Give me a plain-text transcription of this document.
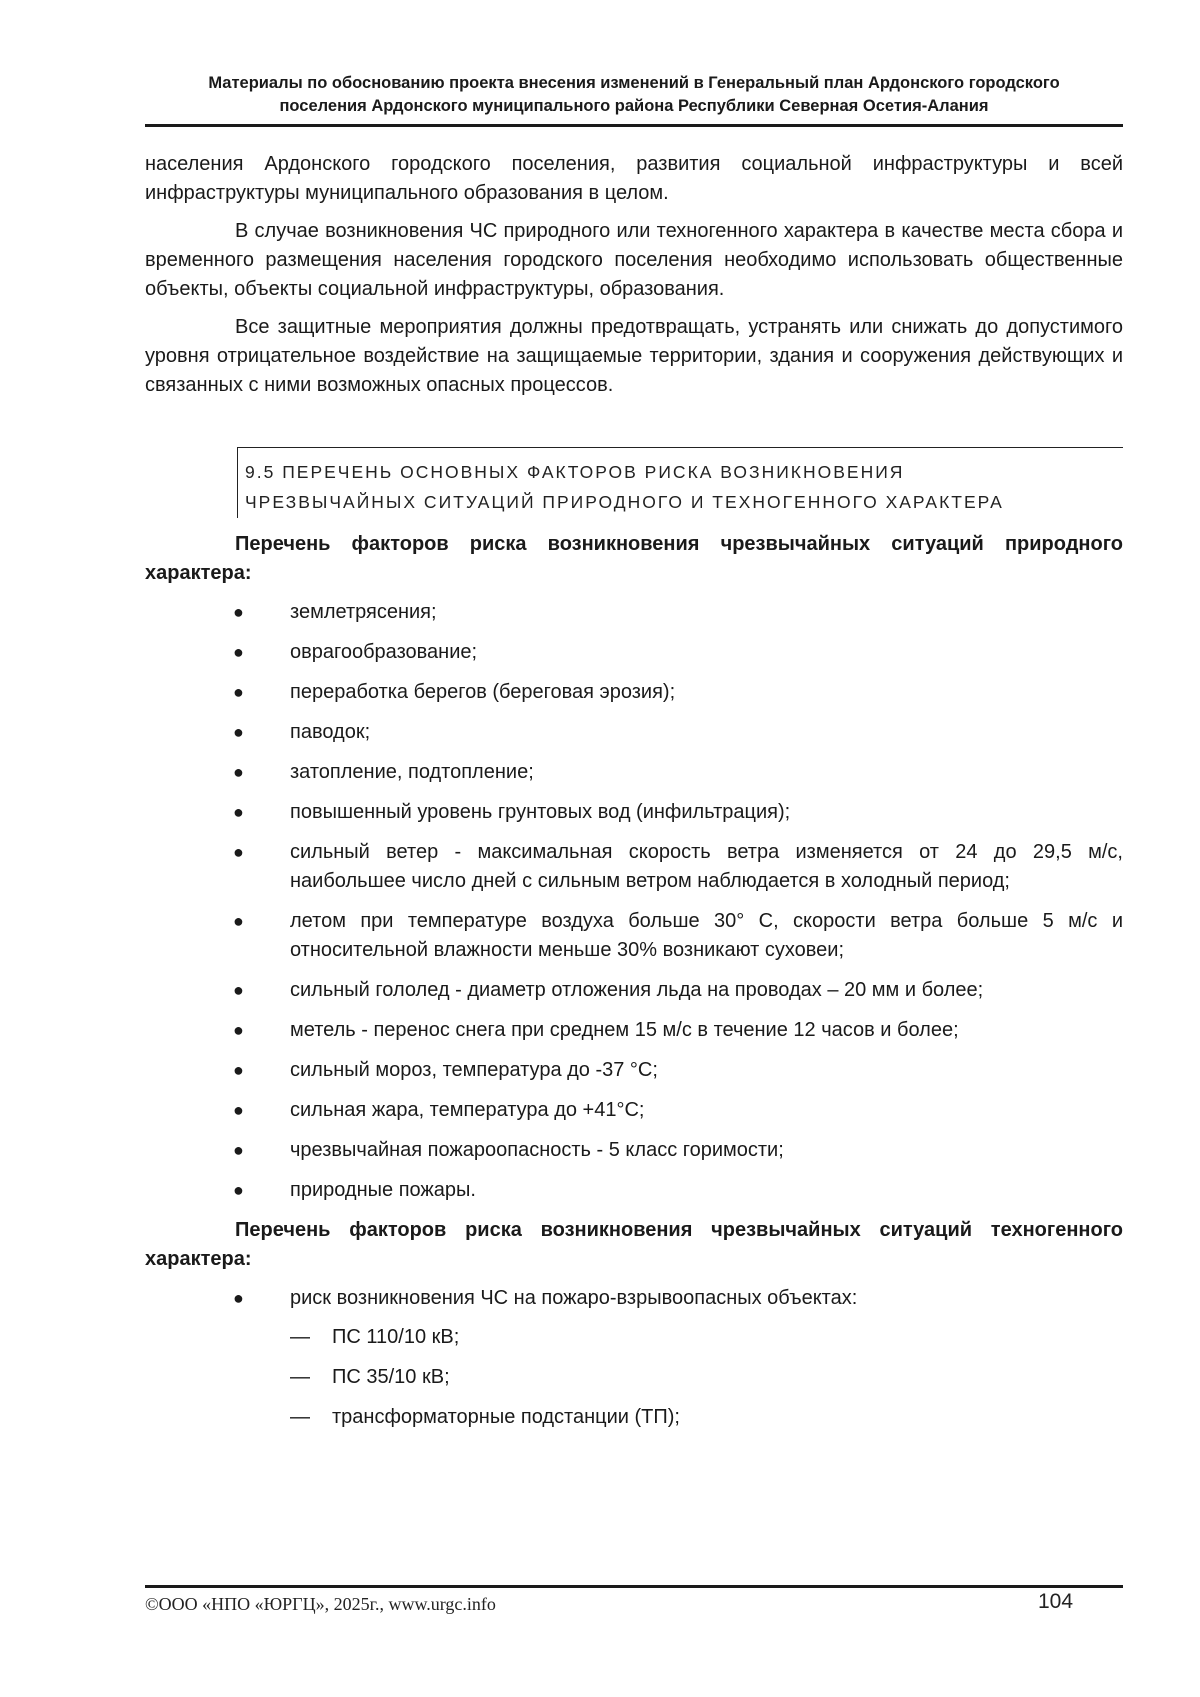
Материалы по обоснованию проекта внесения изменений в Генеральный план Ардонского городского
поселения Ардонского муниципального района Республики Северная Осетия-Алания

населения Ардонского городского поселения, развития социальной инфраструктуры и всей инфраструктуры муниципального образования в целом.

В случае возникновения ЧС природного или техногенного характера в качестве места сбора и временного размещения населения городского поселения необходимо использовать общественные объекты, объекты социальной инфраструктуры, образования.

Все защитные мероприятия должны предотвращать, устранять или снижать до допустимого уровня отрицательное воздействие на защищаемые территории, здания и сооружения действующих и связанных с ними возможных опасных процессов.

9.5 ПЕРЕЧЕНЬ ОСНОВНЫХ ФАКТОРОВ РИСКА ВОЗНИКНОВЕНИЯ
ЧРЕЗВЫЧАЙНЫХ СИТУАЦИЙ ПРИРОДНОГО И ТЕХНОГЕННОГО ХАРАКТЕРА

Перечень факторов риска возникновения чрезвычайных ситуаций природного характера:

● землетрясения;
● оврагообразование;
● переработка берегов (береговая эрозия);
● паводок;
● затопление, подтопление;
● повышенный уровень грунтовых вод (инфильтрация);
● сильный ветер - максимальная скорость ветра изменяется от 24 до 29,5 м/с, наибольшее число дней с сильным ветром наблюдается в холодный период;
● летом при температуре воздуха больше 30° С, скорости ветра больше 5 м/с и относительной влажности меньше 30% возникают суховеи;
● сильный гололед - диаметр отложения льда на проводах – 20 мм и более;
● метель - перенос снега при среднем 15 м/с в течение 12 часов и более;
● сильный мороз, температура до -37 °С;
● сильная жара, температура до +41°С;
● чрезвычайная пожароопасность - 5 класс горимости;
● природные пожары.

Перечень факторов риска возникновения чрезвычайных ситуаций техногенного характера:

● риск возникновения ЧС на пожаро-взрывоопасных объектах:
— ПС 110/10 кВ;
— ПС 35/10 кВ;
— трансформаторные подстанции (ТП);
©ООО «НПО «ЮРГЦ», 2025г., www.urgc.info	104
